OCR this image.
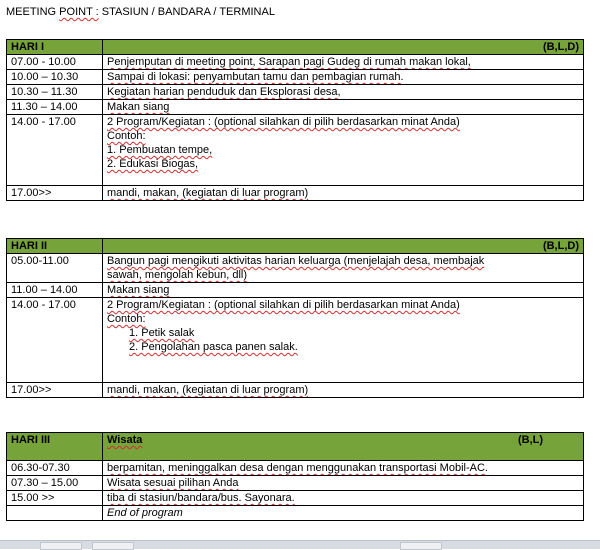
MEETING POINT : STASIUN / BANDARA / TERMINAL
HARI I	(B,L,D)

07.00 - 10.00	Penjemputan di meeting point, Sarapan pagi Gudeg di rumah makan lokal,
10.00 – 10.30	Sampai di lokasi: penyambutan tamu dan pembagian rumah.
10.30 – 11.30	Kegiatan harian penduduk dan Eksplorasi desa,
11.30 – 14.00	Makan siang
14.00 - 17.00	2 Program/Kegiatan : (optional silahkan di pilih berdasarkan minat Anda)
Contoh:
1. Pembuatan tempe,
2. Edukasi Biogas,

17.00>>	mandi, makan, (kegiatan di luar program)
HARI II	(B,L,D)

05.00-11.00	Bangun pagi mengikuti aktivitas harian keluarga (menjelajah desa, membajak
sawah, mengolah kebun, dll)

11.00 – 14.00	Makan siang
14.00 - 17.00	2 Program/Kegiatan : (optional silahkan di pilih berdasarkan minat Anda)
Contoh:
1. Petik salak
2. Pengolahan pasca panen salak.

17.00>>	mandi, makan, (kegiatan di luar program)
HARI III	(B,L)
Wisata
06.30-07.30	berpamitan, meninggalkan desa dengan menggunakan transportasi Mobil-AC.
07.30 – 15.00	Wisata sesuai pilihan Anda
15.00 >>	tiba di stasiun/bandara/bus. Sayonara.
	End of program
